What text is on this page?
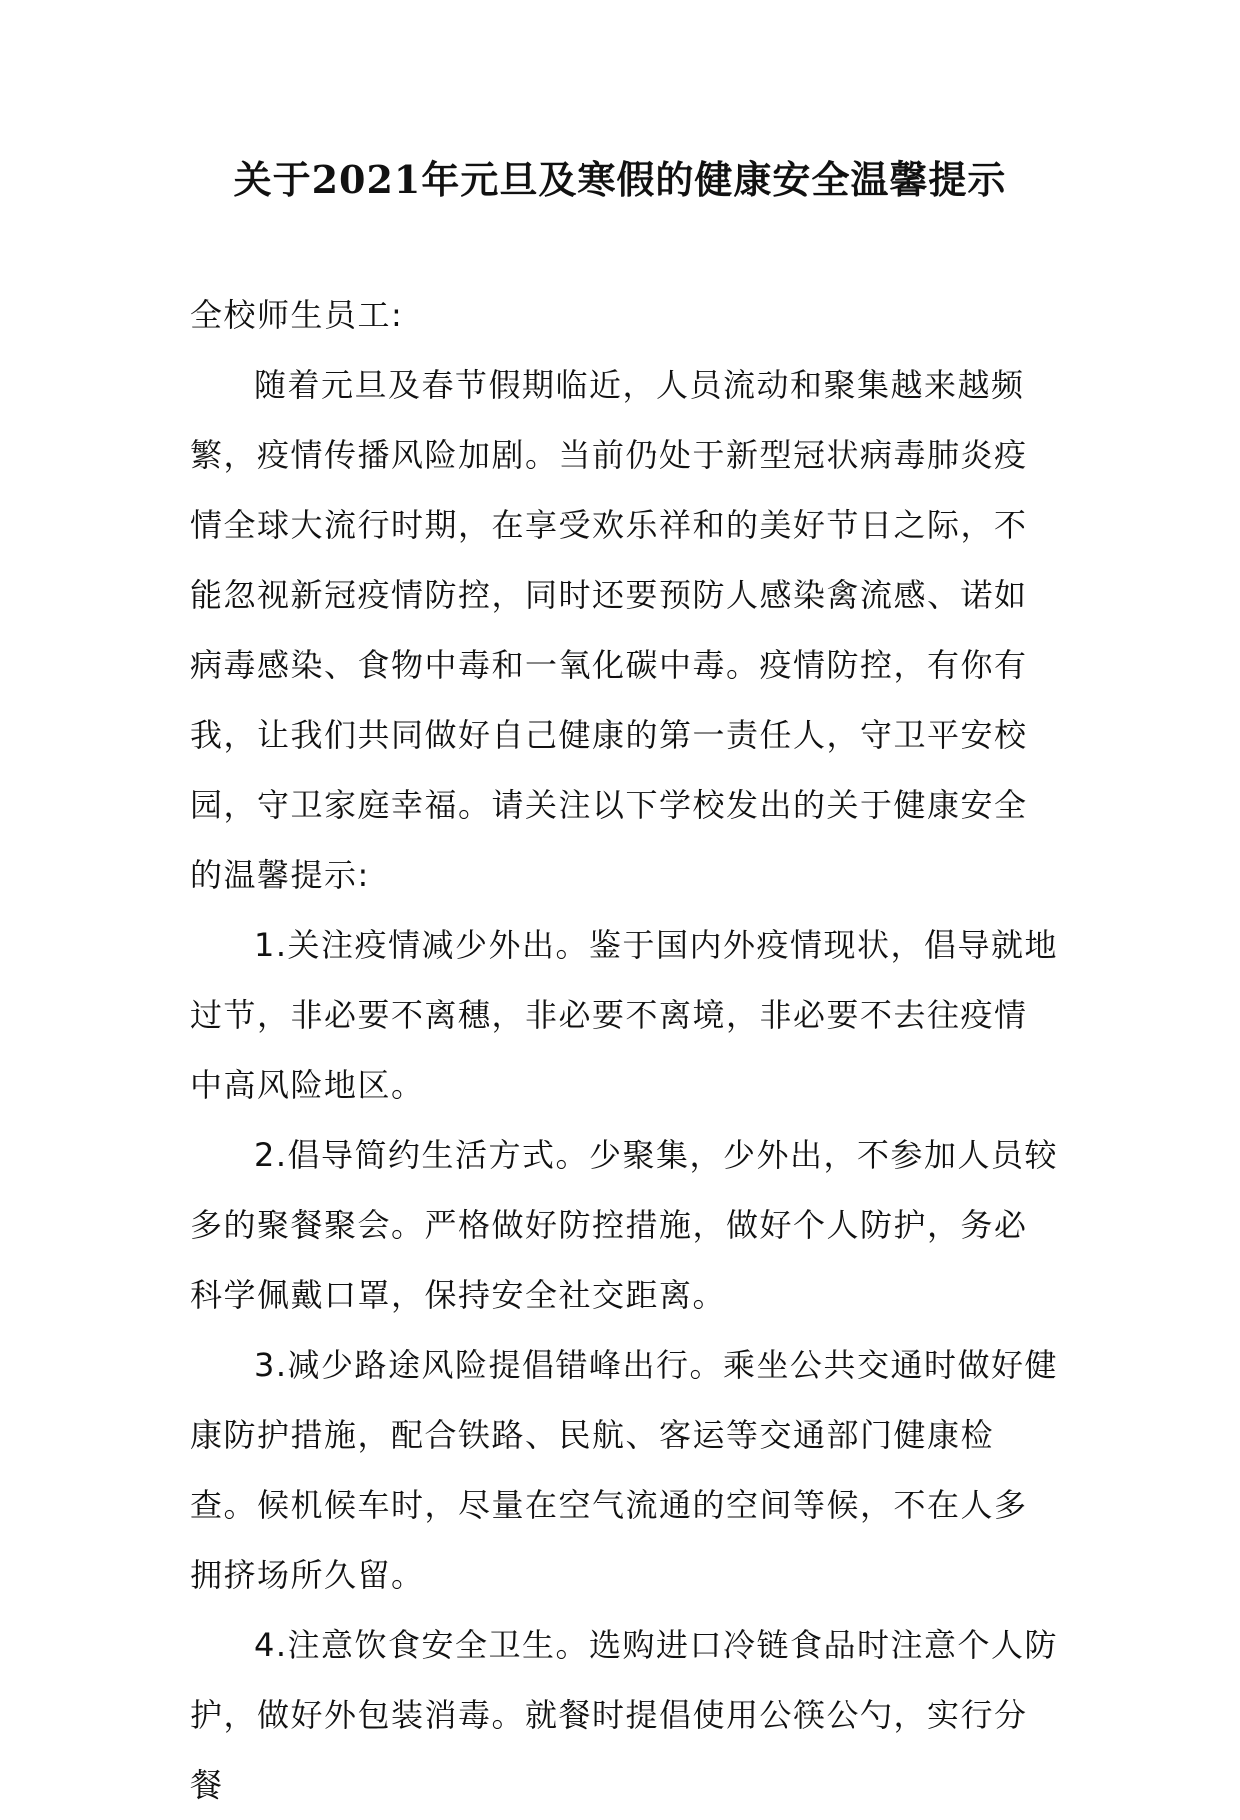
关于2021年元旦及寒假的健康安全温馨提示

全校师生员工:

随着元旦及春节假期临近，人员流动和聚集越来越频繁，疫情传播风险加剧。当前仍处于新型冠状病毒肺炎疫情全球大流行时期，在享受欢乐祥和的美好节日之际，不能忽视新冠疫情防控，同时还要预防人感染禽流感、诺如病毒感染、食物中毒和一氧化碳中毒。疫情防控，有你有我，让我们共同做好自己健康的第一责任人，守卫平安校园，守卫家庭幸福。请关注以下学校发出的关于健康安全的温馨提示:

1.关注疫情减少外出。鉴于国内外疫情现状，倡导就地过节，非必要不离穗，非必要不离境，非必要不去往疫情中高风险地区。

2.倡导简约生活方式。少聚集，少外出，不参加人员较多的聚餐聚会。严格做好防控措施，做好个人防护，务必科学佩戴口罩，保持安全社交距离。

3.减少路途风险提倡错峰出行。乘坐公共交通时做好健康防护措施，配合铁路、民航、客运等交通部门健康检查。候机候车时，尽量在空气流通的空间等候，不在人多拥挤场所久留。

4.注意饮食安全卫生。选购进口冷链食品时注意个人防护，做好外包装消毒。就餐时提倡使用公筷公勺，实行分餐
